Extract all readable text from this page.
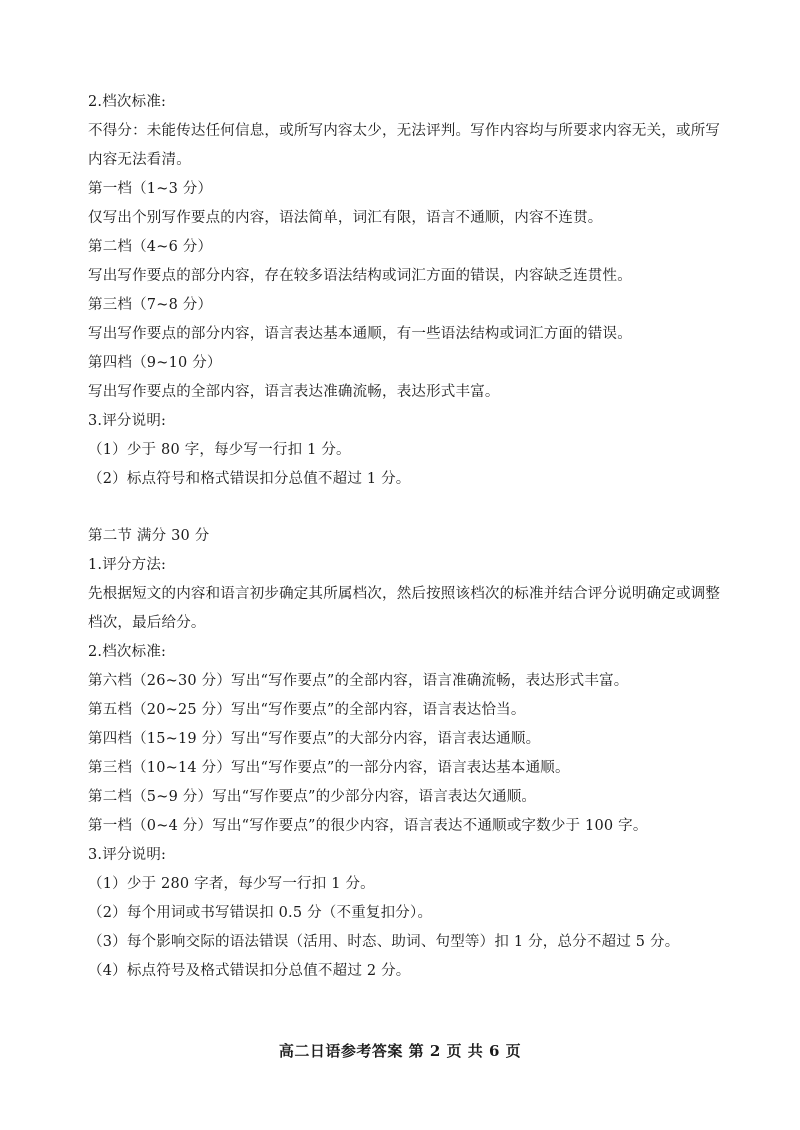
2.档次标准:
不得分：未能传达任何信息，或所写内容太少，无法评判。写作内容均与所要求内容无关，或所写内容无法看清。
第一档（1~3 分）
仅写出个别写作要点的内容，语法简单，词汇有限，语言不通顺，内容不连贯。
第二档（4~6 分）
写出写作要点的部分内容，存在较多语法结构或词汇方面的错误，内容缺乏连贯性。
第三档（7~8 分）
写出写作要点的部分内容，语言表达基本通顺，有一些语法结构或词汇方面的错误。
第四档（9~10 分）
写出写作要点的全部内容，语言表达准确流畅，表达形式丰富。
3.评分说明:
（1）少于 80 字，每少写一行扣 1 分。
（2）标点符号和格式错误扣分总值不超过 1 分。
第二节 满分 30 分
1.评分方法:
先根据短文的内容和语言初步确定其所属档次，然后按照该档次的标准并结合评分说明确定或调整档次，最后给分。
2.档次标准:
第六档（26~30 分）写出“写作要点”的全部内容，语言准确流畅，表达形式丰富。
第五档（20~25 分）写出“写作要点”的全部内容，语言表达恰当。
第四档（15~19 分）写出“写作要点”的大部分内容，语言表达通顺。
第三档（10~14 分）写出“写作要点”的一部分内容，语言表达基本通顺。
第二档（5~9 分）写出“写作要点”的少部分内容，语言表达欠通顺。
第一档（0~4 分）写出“写作要点”的很少内容，语言表达不通顺或字数少于 100 字。
3.评分说明:
（1）少于 280 字者，每少写一行扣 1 分。
（2）每个用词或书写错误扣 0.5 分（不重复扣分）。
（3）每个影响交际的语法错误（活用、时态、助词、句型等）扣 1 分，总分不超过 5 分。
（4）标点符号及格式错误扣分总值不超过 2 分。
高二日语参考答案 第 2 页 共 6 页
